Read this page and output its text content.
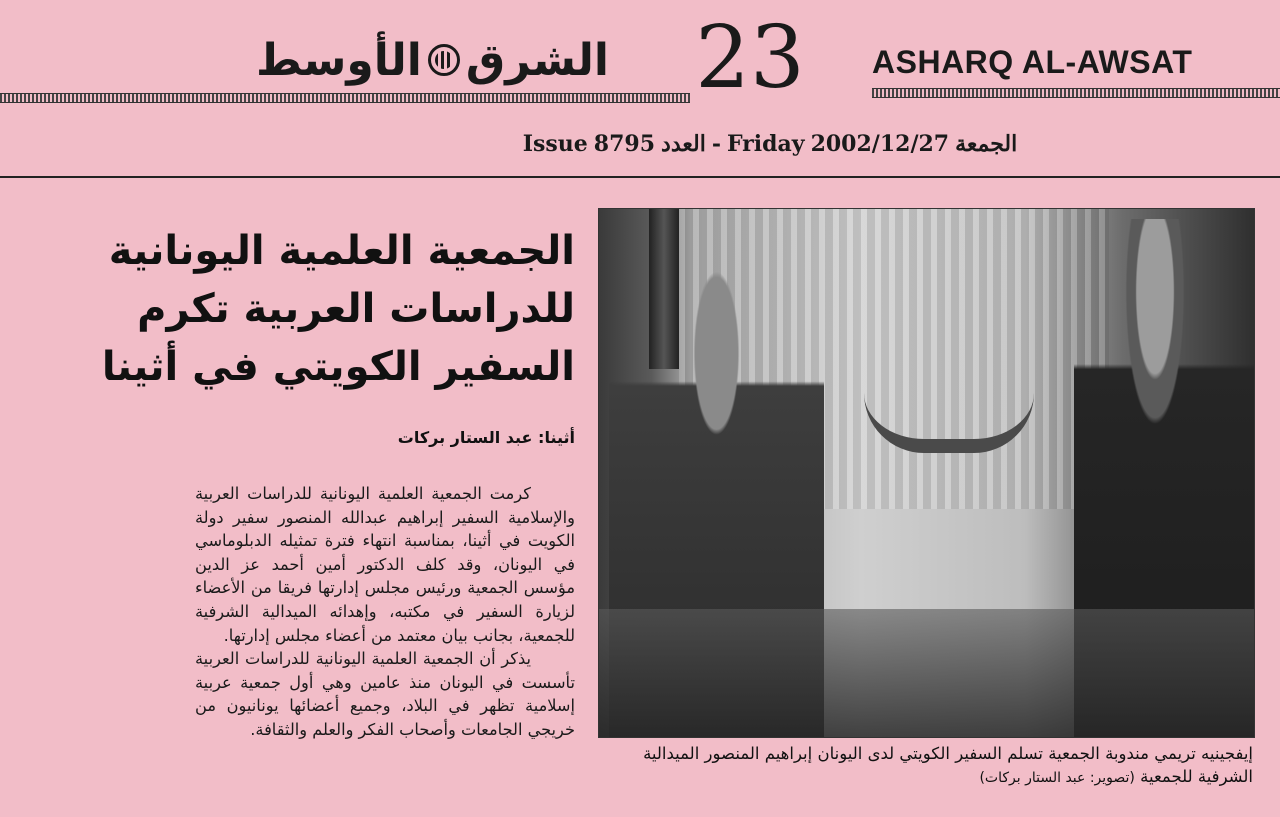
الشرق
الأوسط	23 ASHARQ AL-AWSAT
Issue 8795 العدد - Friday 2002/12/27 الجمعة
الجمعية العلمية اليونانية للدراسات العربية تكرم السفير الكويتي في أثينا
أثينا: عبد الستار بركات

كرمت الجمعية العلمية اليونانية للدراسات العربية والإسلامية السفير إبراهيم عبدالله المنصور سفير دولة الكويت في أثينا، بمناسبة انتهاء فترة تمثيله الدبلوماسي في اليونان، وقد كلف الدكتور أمين أحمد عز الدين مؤسس الجمعية ورئيس مجلس إدارتها فريقا من الأعضاء لزيارة السفير في مكتبه، وإهدائه الميدالية الشرفية للجمعية، بجانب بيان معتمد من أعضاء مجلس إدارتها.

يذكر أن الجمعية العلمية اليونانية للدراسات العربية تأسست في اليونان منذ عامين وهي أول جمعية عربية إسلامية تظهر في البلاد، وجميع أعضائها يونانيون من خريجي الجامعات وأصحاب الفكر والعلم والثقافة.

إيفجينيه تريمي مندوبة الجمعية تسلم السفير الكويتي لدى اليونان إبراهيم المنصور الميدالية الشرفية للجمعية (تصوير: عبد الستار بركات)
